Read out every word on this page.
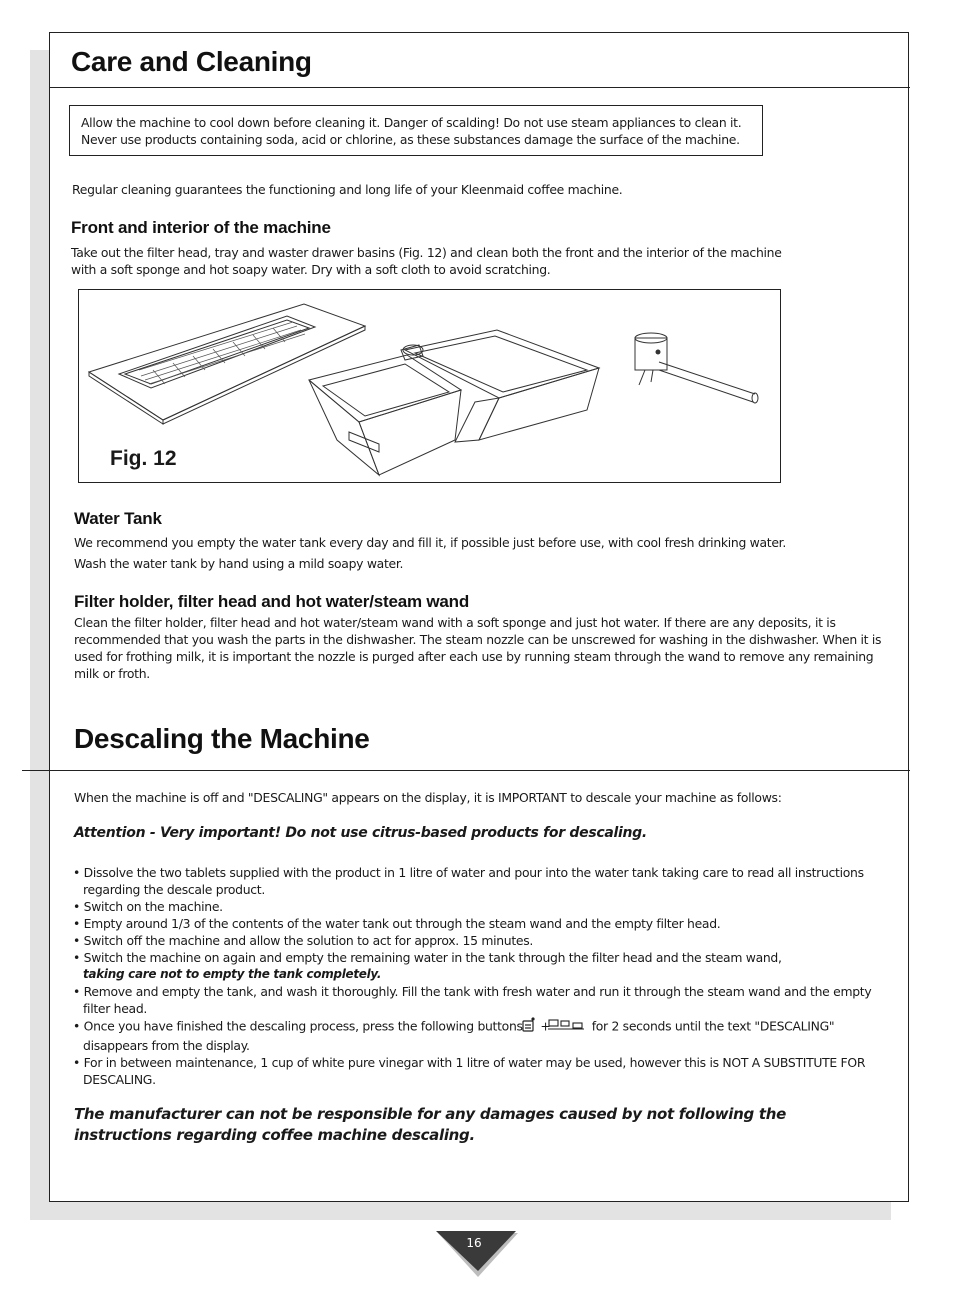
Care and Cleaning
Allow the machine to cool down before cleaning it. Danger of scalding! Do not use steam appliances to clean it. Never use products containing soda, acid or chlorine, as these substances damage the surface of the machine.

Regular cleaning guarantees the functioning and long life of your Kleenmaid coffee machine.

Front and interior of the machine

Take out the filter head, tray and waster drawer basins (Fig. 12) and clean both the front and the interior of the machine with a soft sponge and hot soapy water. Dry with a soft cloth to avoid scratching.

Fig. 12
Water Tank

We recommend you empty the water tank every day and fill it, if possible just before use, with cool fresh drinking water.

Wash the water tank by hand using a mild soapy water.

Filter holder, filter head and hot water/steam wand

Clean the filter holder, filter head and hot water/steam wand with a soft sponge and just hot water. If there are any deposits, it is recommended that you wash the parts in the dishwasher. The steam nozzle can be unscrewed for washing in the dishwasher. When it is used for frothing milk, it is important the nozzle is purged after each use by running steam through the wand to remove any remaining milk or froth.

Descaling the Machine

When the machine is off and "DESCALING" appears on the display, it is IMPORTANT to descale your machine as follows:

Attention - Very important! Do not use citrus-based products for descaling.

• Dissolve the two tablets supplied with the product in 1 litre of water and pour into the water tank taking care to read all instructions regarding the descale product.
• Switch on the machine.
• Empty around 1/3 of the contents of the water tank out through the steam wand and the empty filter head.
• Switch off the machine and allow the solution to act for approx. 15 minutes.
• Switch the machine on again and empty the remaining water in the tank through the filter head and the steam wand,
taking care not to empty the tank completely.
• Remove and empty the tank, and wash it thoroughly. Fill the tank with fresh water and run it through the steam wand and the empty filter head.
• Once you have finished the descaling process, press the following buttons +	for 2 seconds until the text "DESCALING" disappears from the display.
• For in between maintenance, 1 cup of white pure vinegar with 1 litre of water may be used, however this is NOT A SUBSTITUTE FOR DESCALING.

The manufacturer can not be responsible for any damages caused by not following the instructions regarding coffee machine descaling.

16
